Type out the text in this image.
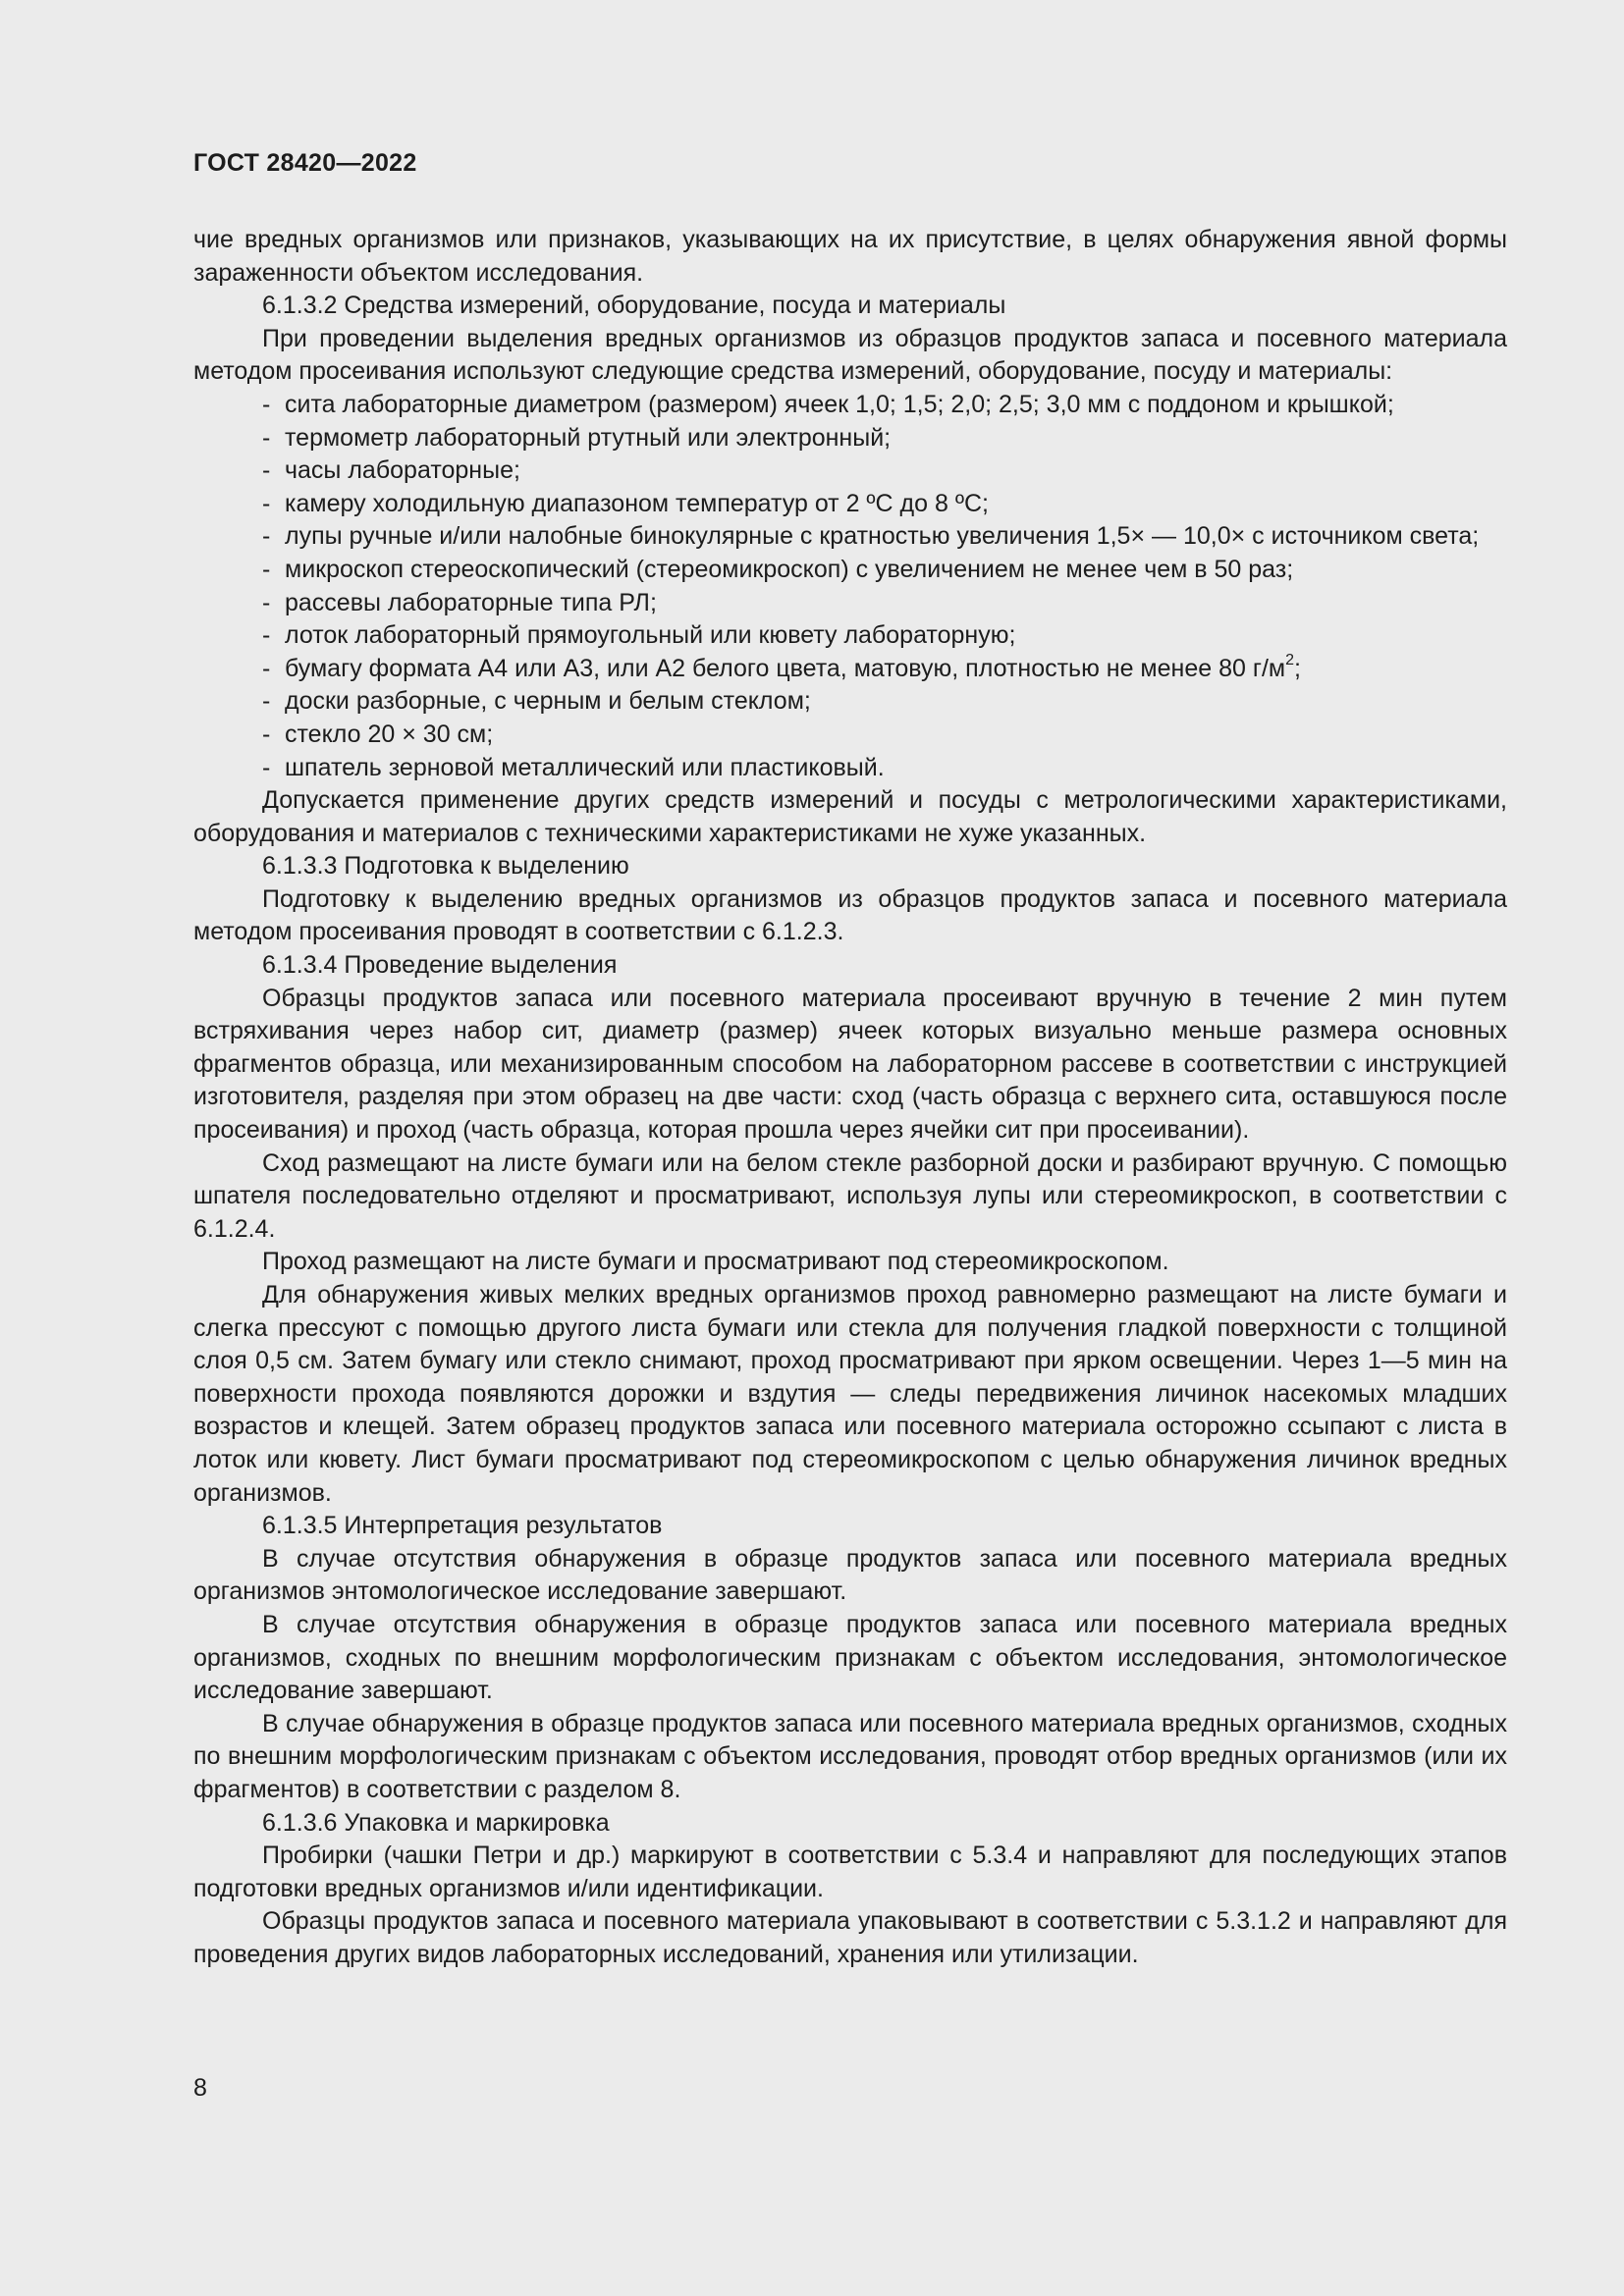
ГОСТ 28420—2022

чие вредных организмов или признаков, указывающих на их присутствие, в целях обнаружения явной формы зараженности объектом исследования.

6.1.3.2 Средства измерений, оборудование, посуда и материалы

При проведении выделения вредных организмов из образцов продуктов запаса и посевного материала методом просеивания используют следующие средства измерений, оборудование, посуду и материалы:

- сита лабораторные диаметром (размером) ячеек 1,0; 1,5; 2,0; 2,5; 3,0 мм с поддоном и крышкой;

- термометр лабораторный ртутный или электронный;

- часы лабораторные;

- камеру холодильную диапазоном температур от 2 ºС до 8 ºС;

- лупы ручные и/или налобные бинокулярные с кратностью увеличения 1,5× — 10,0× с источником света;

- микроскоп стереоскопический (стереомикроскоп) с увеличением не менее чем в 50 раз;

- рассевы лабораторные типа РЛ;

- лоток лабораторный прямоугольный или кювету лабораторную;

- бумагу формата А4 или А3, или А2 белого цвета, матовую, плотностью не менее 80 $г/м^2$;

- доски разборные, с черным и белым стеклом;

- стекло 20 × 30 см;

- шпатель зерновой металлический или пластиковый.

Допускается применение других средств измерений и посуды с метрологическими характеристиками, оборудования и материалов с техническими характеристиками не хуже указанных.

6.1.3.3 Подготовка к выделению

Подготовку к выделению вредных организмов из образцов продуктов запаса и посевного материала методом просеивания проводят в соответствии с 6.1.2.3.

6.1.3.4 Проведение выделения

Образцы продуктов запаса или посевного материала просеивают вручную в течение 2 мин путем встряхивания через набор сит, диаметр (размер) ячеек которых визуально меньше размера основных фрагментов образца, или механизированным способом на лабораторном рассеве в соответствии с инструкцией изготовителя, разделяя при этом образец на две части: сход (часть образца с верхнего сита, оставшуюся после просеивания) и проход (часть образца, которая прошла через ячейки сит при просеивании).

Сход размещают на листе бумаги или на белом стекле разборной доски и разбирают вручную. С помощью шпателя последовательно отделяют и просматривают, используя лупы или стереомикроскоп, в соответствии с 6.1.2.4.

Проход размещают на листе бумаги и просматривают под стереомикроскопом.

Для обнаружения живых мелких вредных организмов проход равномерно размещают на листе бумаги и слегка прессуют с помощью другого листа бумаги или стекла для получения гладкой поверхности с толщиной слоя 0,5 см. Затем бумагу или стекло снимают, проход просматривают при ярком освещении. Через 1—5 мин на поверхности прохода появляются дорожки и вздутия — следы передвижения личинок насекомых младших возрастов и клещей. Затем образец продуктов запаса или посевного материала осторожно ссыпают с листа в лоток или кювету. Лист бумаги просматривают под стереомикроскопом с целью обнаружения личинок вредных организмов.

6.1.3.5 Интерпретация результатов

В случае отсутствия обнаружения в образце продуктов запаса или посевного материала вредных организмов энтомологическое исследование завершают.

В случае отсутствия обнаружения в образце продуктов запаса или посевного материала вредных организмов, сходных по внешним морфологическим признакам с объектом исследования, энтомологическое исследование завершают.

В случае обнаружения в образце продуктов запаса или посевного материала вредных организмов, сходных по внешним морфологическим признакам с объектом исследования, проводят отбор вредных организмов (или их фрагментов) в соответствии с разделом 8.

6.1.3.6 Упаковка и маркировка

Пробирки (чашки Петри и др.) маркируют в соответствии с 5.3.4 и направляют для последующих этапов подготовки вредных организмов и/или идентификации.

Образцы продуктов запаса и посевного материала упаковывают в соответствии с 5.3.1.2 и направляют для проведения других видов лабораторных исследований, хранения или утилизации.

8
